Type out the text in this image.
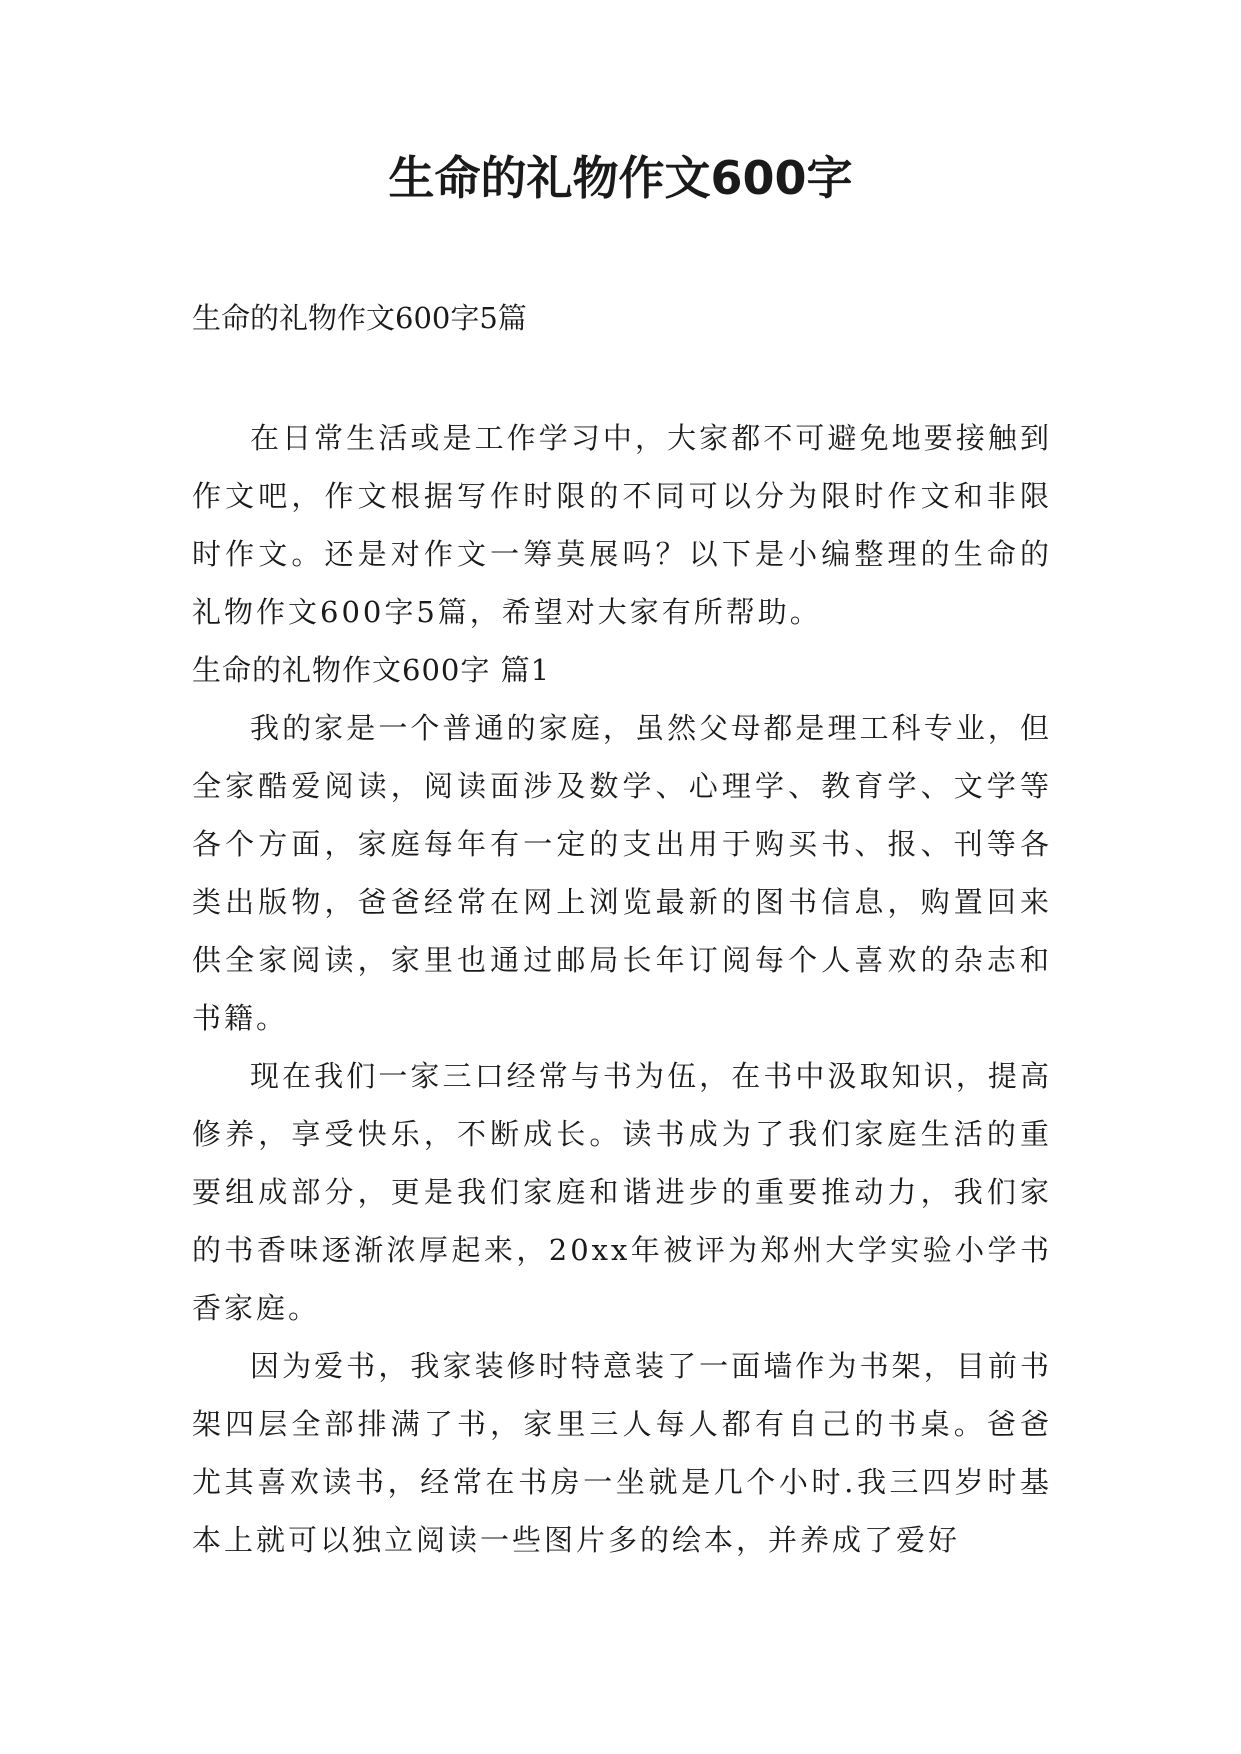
生命的礼物作文600字

生命的礼物作文600字5篇

在日常生活或是工作学习中，大家都不可避免地要接触到作文吧，作文根据写作时限的不同可以分为限时作文和非限时作文。还是对作文一筹莫展吗？以下是小编整理的生命的礼物作文600字5篇，希望对大家有所帮助。

生命的礼物作文600字 篇1

我的家是一个普通的家庭，虽然父母都是理工科专业，但全家酷爱阅读，阅读面涉及数学、心理学、教育学、文学等各个方面，家庭每年有一定的支出用于购买书、报、刊等各类出版物，爸爸经常在网上浏览最新的图书信息，购置回来供全家阅读，家里也通过邮局长年订阅每个人喜欢的杂志和书籍。

现在我们一家三口经常与书为伍，在书中汲取知识，提高修养，享受快乐，不断成长。读书成为了我们家庭生活的重要组成部分，更是我们家庭和谐进步的重要推动力，我们家的书香味逐渐浓厚起来，20xx年被评为郑州大学实验小学书香家庭。

因为爱书，我家装修时特意装了一面墙作为书架，目前书架四层全部排满了书，家里三人每人都有自己的书桌。爸爸尤其喜欢读书，经常在书房一坐就是几个小时.我三四岁时基本上就可以独立阅读一些图片多的绘本，并养成了爱好
